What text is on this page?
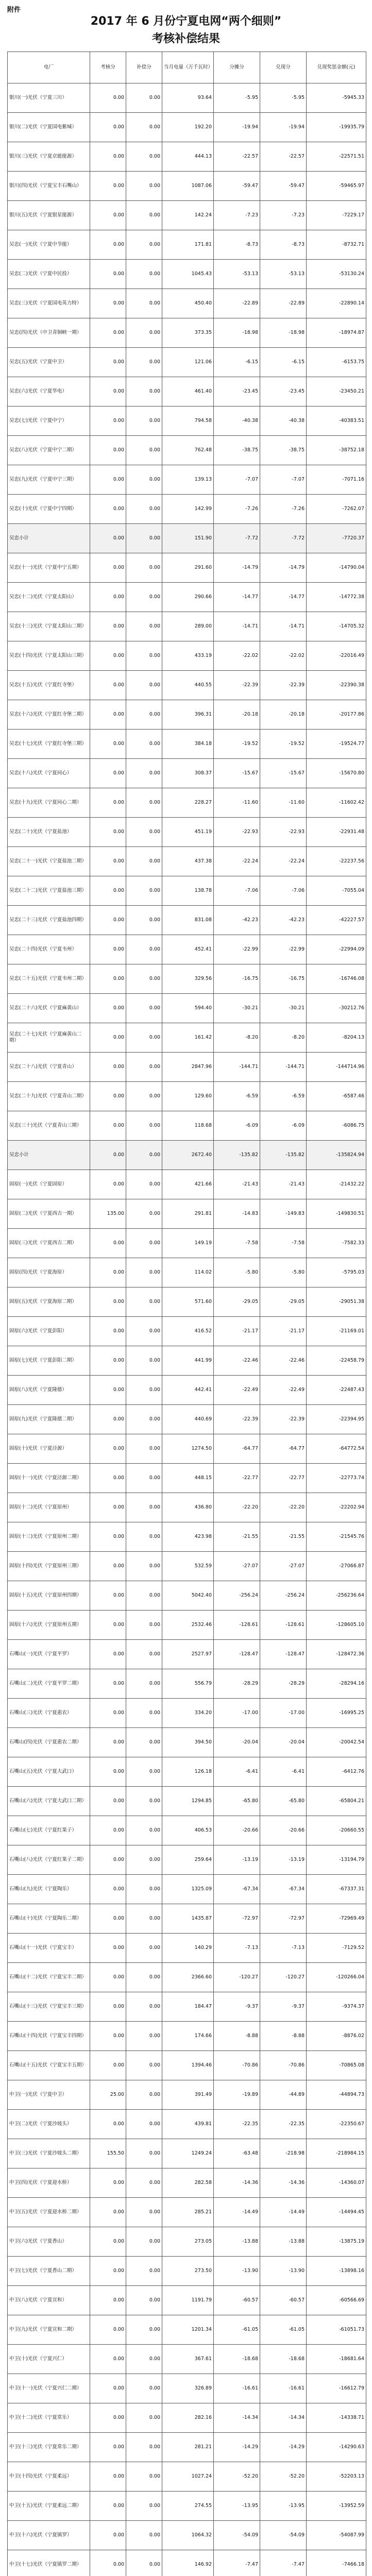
附件
2017 年 6 月份宁夏电网“两个细则”
考核补偿结果
电厂	考核分	补偿分	当月电量（万千瓦时）	分摊分	兑现分	兑现奖惩金额(元)
银川(一)光伏（宁夏三川）	0.00	0.00	93.64	-5.95	-5.95	-5945.33
银川(二)光伏（宁夏国电紫城）	0.00	0.00	192.20	-19.94	-19.94	-19935.79
银川(三)光伏（宁夏京能能源）	0.00	0.00	444.13	-22.57	-22.57	-22571.51
银川(四)光伏（宁夏宝丰石嘴山）	0.00	0.00	1087.06	-59.47	-59.47	-59465.97
银川(五)光伏（宁夏银星能源）	0.00	0.00	142.24	-7.23	-7.23	-7229.17
吴忠(一)光伏（宁夏中节能）	0.00	0.00	171.81	-8.73	-8.73	-8732.71
吴忠(二)光伏（宁夏中民投）	0.00	0.00	1045.43	-53.13	-53.13	-53130.24
吴忠(三)光伏（宁夏国电英力特）	0.00	0.00	450.40	-22.89	-22.89	-22890.14
吴忠(四)光伏（中卫青铜峡一期）	0.00	0.00	373.35	-18.98	-18.98	-18974.87
吴忠(五)光伏（宁夏中卫）	0.00	0.00	121.06	-6.15	-6.15	-6153.75
吴忠(六)光伏（宁夏华电）	0.00	0.00	461.40	-23.45	-23.45	-23450.21
吴忠(七)光伏（宁夏中宁）	0.00	0.00	794.58	-40.38	-40.38	-40383.51
吴忠(八)光伏（宁夏中宁二期）	0.00	0.00	762.48	-38.75	-38.75	-38752.18
吴忠(九)光伏（宁夏中宁三期）	0.00	0.00	139.13	-7.07	-7.07	-7071.16
吴忠(十)光伏（宁夏中宁四期）	0.00	0.00	142.99	-7.26	-7.26	-7262.07
吴忠小计	0.00	0.00	151.90	-7.72	-7.72	-7720.37
吴忠(十一)光伏（宁夏中宁五期）	0.00	0.00	291.60	-14.79	-14.79	-14790.04
吴忠(十二)光伏（宁夏太阳山）	0.00	0.00	290.66	-14.77	-14.77	-14772.38
吴忠(十三)光伏（宁夏太阳山二期）	0.00	0.00	289.00	-14.71	-14.71	-14705.32
吴忠(十四)光伏（宁夏太阳山三期）	0.00	0.00	433.19	-22.02	-22.02	-22016.49
吴忠(十五)光伏（宁夏红寺堡）	0.00	0.00	440.55	-22.39	-22.39	-22390.38
吴忠(十六)光伏（宁夏红寺堡二期）	0.00	0.00	396.31	-20.18	-20.18	-20177.86
吴忠(十七)光伏（宁夏红寺堡三期）	0.00	0.00	384.18	-19.52	-19.52	-19524.77
吴忠(十八)光伏（宁夏同心）	0.00	0.00	308.37	-15.67	-15.67	-15670.80
吴忠(十九)光伏（宁夏同心二期）	0.00	0.00	228.27	-11.60	-11.60	-11602.42
吴忠(二十)光伏（宁夏盐池）	0.00	0.00	451.19	-22.93	-22.93	-22931.48
吴忠(二十一)光伏（宁夏盐池二期）	0.00	0.00	437.38	-22.24	-22.24	-22237.56
吴忠(二十二)光伏（宁夏盐池三期）	0.00	0.00	138.78	-7.06	-7.06	-7055.04
吴忠(二十三)光伏（宁夏盐池四期）	0.00	0.00	831.08	-42.23	-42.23	-42227.57
吴忠(二十四)光伏（宁夏韦州）	0.00	0.00	452.41	-22.99	-22.99	-22994.09
吴忠(二十五)光伏（宁夏韦州二期）	0.00	0.00	329.56	-16.75	-16.75	-16746.08
吴忠(二十六)光伏（宁夏麻黄山）	0.00	0.00	594.40	-30.21	-30.21	-30212.76
吴忠(二十七)光伏（宁夏麻黄山二期）	0.00	0.00	161.42	-8.20	-8.20	-8204.13
吴忠(二十八)光伏（宁夏青山）	0.00	0.00	2847.96	-144.71	-144.71	-144714.96
吴忠(二十九)光伏（宁夏青山二期）	0.00	0.00	129.60	-6.59	-6.59	-6587.46
吴忠(三十)光伏（宁夏青山三期）	0.00	0.00	118.68	-6.09	-6.09	-6086.75
吴忠小计	0.00	0.00	2672.40	-135.82	-135.82	-135824.94
固原(一)光伏（宁夏固原）	0.00	0.00	421.66	-21.43	-21.43	-21432.22
固原(二)光伏（宁夏西吉一期）	135.00	0.00	291.81	-14.83	-149.83	-149830.51
固原(三)光伏（宁夏西吉二期）	0.00	0.00	149.19	-7.58	-7.58	-7582.33
固原(四)光伏（宁夏海原）	0.00	0.00	114.02	-5.80	-5.80	-5795.03
固原(五)光伏（宁夏海原二期）	0.00	0.00	571.60	-29.05	-29.05	-29051.38
固原(六)光伏（宁夏彭阳）	0.00	0.00	416.52	-21.17	-21.17	-21169.01
固原(七)光伏（宁夏彭阳二期）	0.00	0.00	441.99	-22.46	-22.46	-22458.79
固原(八)光伏（宁夏隆德）	0.00	0.00	442.41	-22.49	-22.49	-22487.43
固原(九)光伏（宁夏隆德二期）	0.00	0.00	440.69	-22.39	-22.39	-22394.95
固原(十)光伏（宁夏泾源）	0.00	0.00	1274.50	-64.77	-64.77	-64772.54
固原(十一)光伏（宁夏泾源二期）	0.00	0.00	448.15	-22.77	-22.77	-22773.74
固原(十二)光伏（宁夏原州）	0.00	0.00	436.80	-22.20	-22.20	-22202.94
固原(十三)光伏（宁夏原州二期）	0.00	0.00	423.98	-21.55	-21.55	-21545.76
固原(十四)光伏（宁夏原州三期）	0.00	0.00	532.59	-27.07	-27.07	-27066.87
固原(十五)光伏（宁夏原州四期）	0.00	0.00	5042.40	-256.24	-256.24	-256236.64
固原(十六)光伏（宁夏原州五期）	0.00	0.00	2532.46	-128.61	-128.61	-128605.10
石嘴山(一)光伏（宁夏平罗）	0.00	0.00	2527.97	-128.47	-128.47	-128472.36
石嘴山(二)光伏（宁夏平罗二期）	0.00	0.00	556.79	-28.29	-28.29	-28294.16
石嘴山(三)光伏（宁夏惠农）	0.00	0.00	334.20	-17.00	-17.00	-16995.25
石嘴山(四)光伏（宁夏惠农二期）	0.00	0.00	394.50	-20.04	-20.04	-20042.54
石嘴山(五)光伏（宁夏大武口）	0.00	0.00	126.18	-6.41	-6.41	-6412.76
石嘴山(六)光伏（宁夏大武口二期）	0.00	0.00	1294.85	-65.80	-65.80	-65804.21
石嘴山(七)光伏（宁夏红果子）	0.00	0.00	406.53	-20.66	-20.66	-20660.55
石嘴山(八)光伏（宁夏红果子二期）	0.00	0.00	259.64	-13.19	-13.19	-13194.79
石嘴山(九)光伏（宁夏陶乐）	0.00	0.00	1325.09	-67.34	-67.34	-67337.31
石嘴山(十)光伏（宁夏陶乐二期）	0.00	0.00	1435.87	-72.97	-72.97	-72969.49
石嘴山(十一)光伏（宁夏宝丰）	0.00	0.00	140.29	-7.13	-7.13	-7129.52
石嘴山(十二)光伏（宁夏宝丰二期）	0.00	0.00	2366.60	-120.27	-120.27	-120266.04
石嘴山(十三)光伏（宁夏宝丰三期）	0.00	0.00	184.47	-9.37	-9.37	-9374.37
石嘴山(十四)光伏（宁夏宝丰四期）	0.00	0.00	174.66	-8.88	-8.88	-8876.02
石嘴山(十五)光伏（宁夏宝丰五期）	0.00	0.00	1394.46	-70.86	-70.86	-70865.08
中卫(一)光伏（宁夏中卫）	25.00	0.00	391.49	-19.89	-44.89	-44894.73
中卫(二)光伏（宁夏沙坡头）	0.00	0.00	439.81	-22.35	-22.35	-22350.67
中卫(三)光伏（宁夏沙坡头二期）	155.50	0.00	1249.24	-63.48	-218.98	-218984.15
中卫(四)光伏（宁夏迎水桥）	0.00	0.00	282.58	-14.36	-14.36	-14360.07
中卫(五)光伏（宁夏迎水桥二期）	0.00	0.00	285.21	-14.49	-14.49	-14494.45
中卫(六)光伏（宁夏香山）	0.00	0.00	273.05	-13.88	-13.88	-13875.19
中卫(七)光伏（宁夏香山二期）	0.00	0.00	273.50	-13.90	-13.90	-13898.16
中卫(八)光伏（宁夏宣和）	0.00	0.00	1191.79	-60.57	-60.57	-60566.69
中卫(九)光伏（宁夏宣和二期）	0.00	0.00	1201.34	-61.05	-61.05	-61051.73
中卫(十)光伏（宁夏兴仁）	0.00	0.00	367.61	-18.68	-18.68	-18681.64
中卫(十一)光伏（宁夏兴仁二期）	0.00	0.00	326.89	-16.61	-16.61	-16612.79
中卫(十二)光伏（宁夏常乐）	0.00	0.00	282.16	-14.34	-14.34	-14338.71
中卫(十三)光伏（宁夏常乐二期）	0.00	0.00	281.21	-14.29	-14.29	-14290.63
中卫(十四)光伏（宁夏柔远）	0.00	0.00	1027.24	-52.20	-52.20	-52203.13
中卫(十五)光伏（宁夏柔远二期）	0.00	0.00	274.55	-13.95	-13.95	-13952.59
中卫(十六)光伏（宁夏镇罗）	0.00	0.00	1064.32	-54.09	-54.09	-54087.99
中卫(十七)光伏（宁夏镇罗二期）	0.00	0.00	146.92	-7.47	-7.47	-7466.18
